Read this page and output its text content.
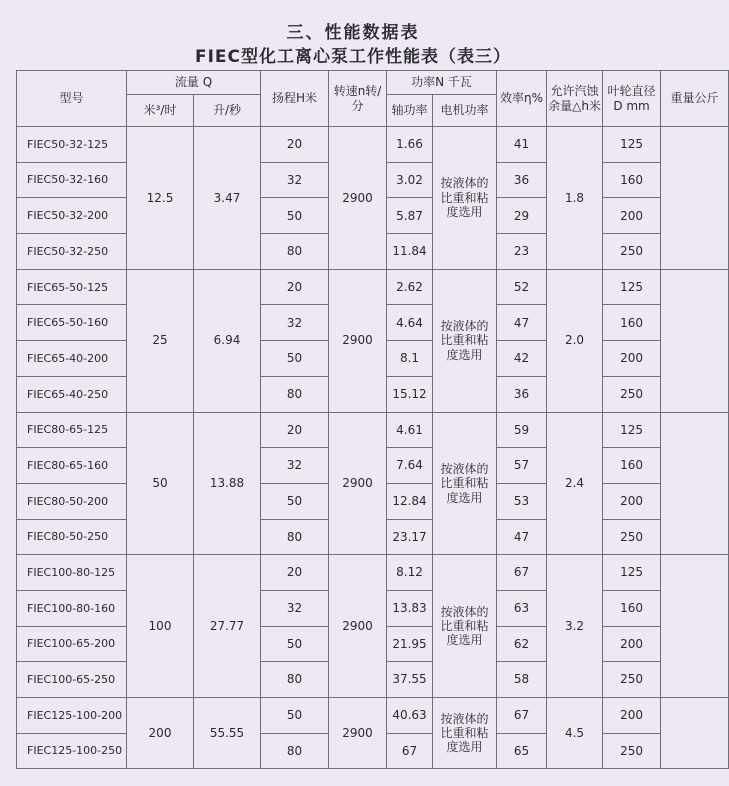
三、性能数据表
FIEC型化工离心泵工作性能表（表三）
型号	流量 Q		扬程H米	转速n转/分	功率N 千瓦		效率η%	允许汽蚀余量△h米	叶轮直径D mm	重量公斤
	米³/时	升/秒			轴功率	电机功率				
FIEC50-32-125	12.5	3.47	20	2900	1.66	按液体的比重和粘度选用	41	1.8	125	
FIEC50-32-160			32		3.02		36		160	
FIEC50-32-200			50		5.87		29		200	
FIEC50-32-250			80		11.84		23		250	
FIEC65-50-125	25	6.94	20	2900	2.62	按液体的比重和粘度选用	52	2.0	125	
FIEC65-50-160			32		4.64		47		160	
FIEC65-40-200			50		8.1		42		200	
FIEC65-40-250			80		15.12		36		250	
FIEC80-65-125	50	13.88	20	2900	4.61	按液体的比重和粘度选用	59	2.4	125	
FIEC80-65-160			32		7.64		57		160	
FIEC80-50-200			50		12.84		53		200	
FIEC80-50-250			80		23.17		47		250	
FIEC100-80-125	100	27.77	20	2900	8.12	按液体的比重和粘度选用	67	3.2	125	
FIEC100-80-160			32		13.83		63		160	
FIEC100-65-200			50		21.95		62		200	
FIEC100-65-250			80		37.55		58		250	
FIEC125-100-200	200	55.55	50	2900	40.63	按液体的比重和粘度选用	67	4.5	200	
FIEC125-100-250			80		67		65		250	
